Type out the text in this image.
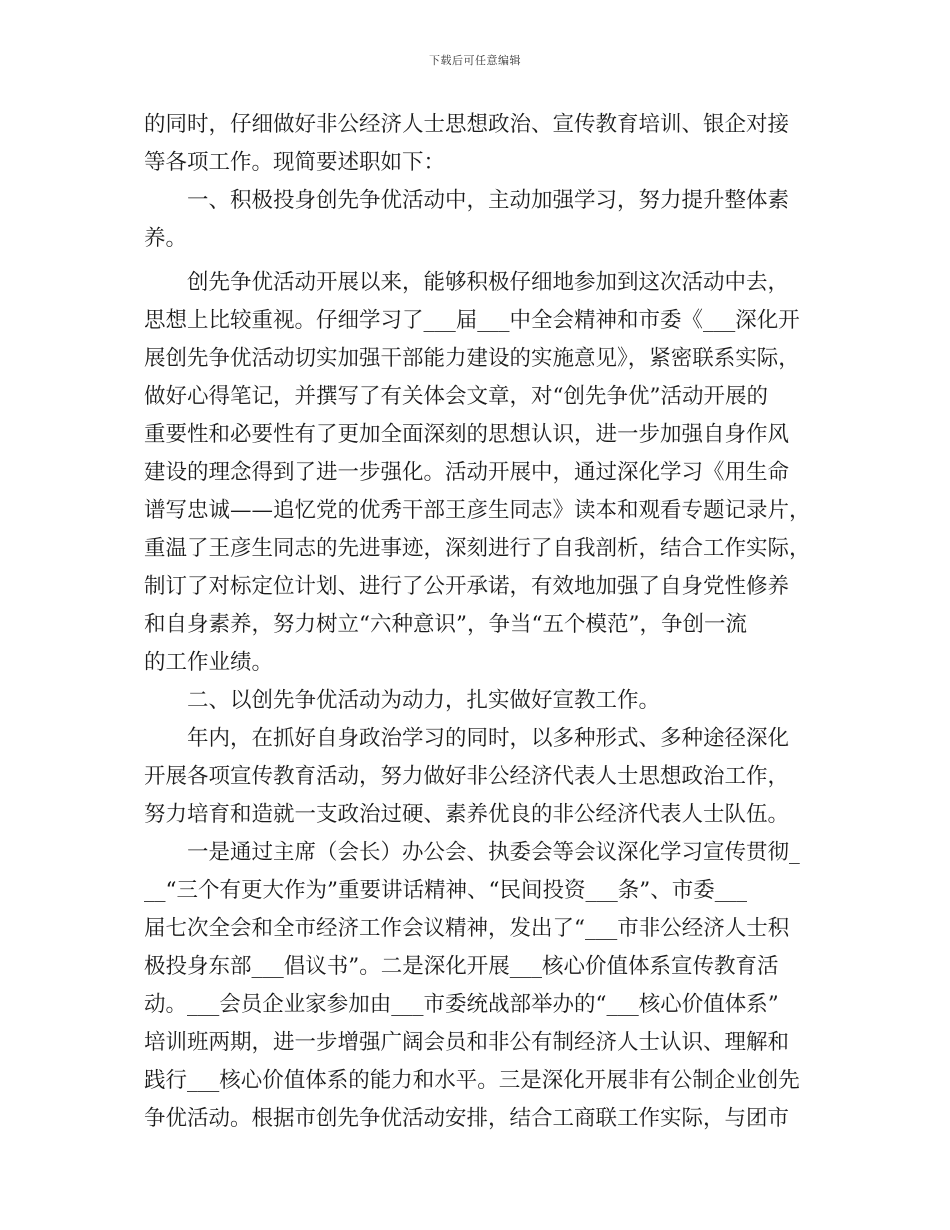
下载后可任意编辑
的同时，仔细做好非公经济人士思想政治、宣传教育培训、银企对接
等各项工作。现简要述职如下：
　　一、积极投身创先争优活动中，主动加强学习，努力提升整体素
养。
　　创先争优活动开展以来，能够积极仔细地参加到这次活动中去，
思想上比较重视。仔细学习了___届___中全会精神和市委《___深化开
展创先争优活动切实加强干部能力建设的实施意见》，紧密联系实际，
做好心得笔记，并撰写了有关体会文章，对“创先争优”活动开展的
重要性和必要性有了更加全面深刻的思想认识，进一步加强自身作风
建设的理念得到了进一步强化。活动开展中，通过深化学习《用生命
谱写忠诚——追忆党的优秀干部王彦生同志》读本和观看专题记录片，
重温了王彦生同志的先进事迹，深刻进行了自我剖析，结合工作实际，
制订了对标定位计划、进行了公开承诺，有效地加强了自身党性修养
和自身素养，努力树立“六种意识”，争当“五个模范”，争创一流
的工作业绩。
　　二、以创先争优活动为动力，扎实做好宣教工作。
　　年内，在抓好自身政治学习的同时，以多种形式、多种途径深化
开展各项宣传教育活动，努力做好非公经济代表人士思想政治工作，
努力培育和造就一支政治过硬、素养优良的非公经济代表人士队伍。
　　一是通过主席（会长）办公会、执委会等会议深化学习宣传贯彻_
__“三个有更大作为”重要讲话精神、“民间投资___条”、市委___
届七次全会和全市经济工作会议精神，发出了“___市非公经济人士积
极投身东部___倡议书”。二是深化开展___核心价值体系宣传教育活
动。___会员企业家参加由___市委统战部举办的“___核心价值体系”
培训班两期，进一步增强广阔会员和非公有制经济人士认识、理解和
践行___核心价值体系的能力和水平。三是深化开展非有公制企业创先
争优活动。根据市创先争优活动安排，结合工商联工作实际，与团市
